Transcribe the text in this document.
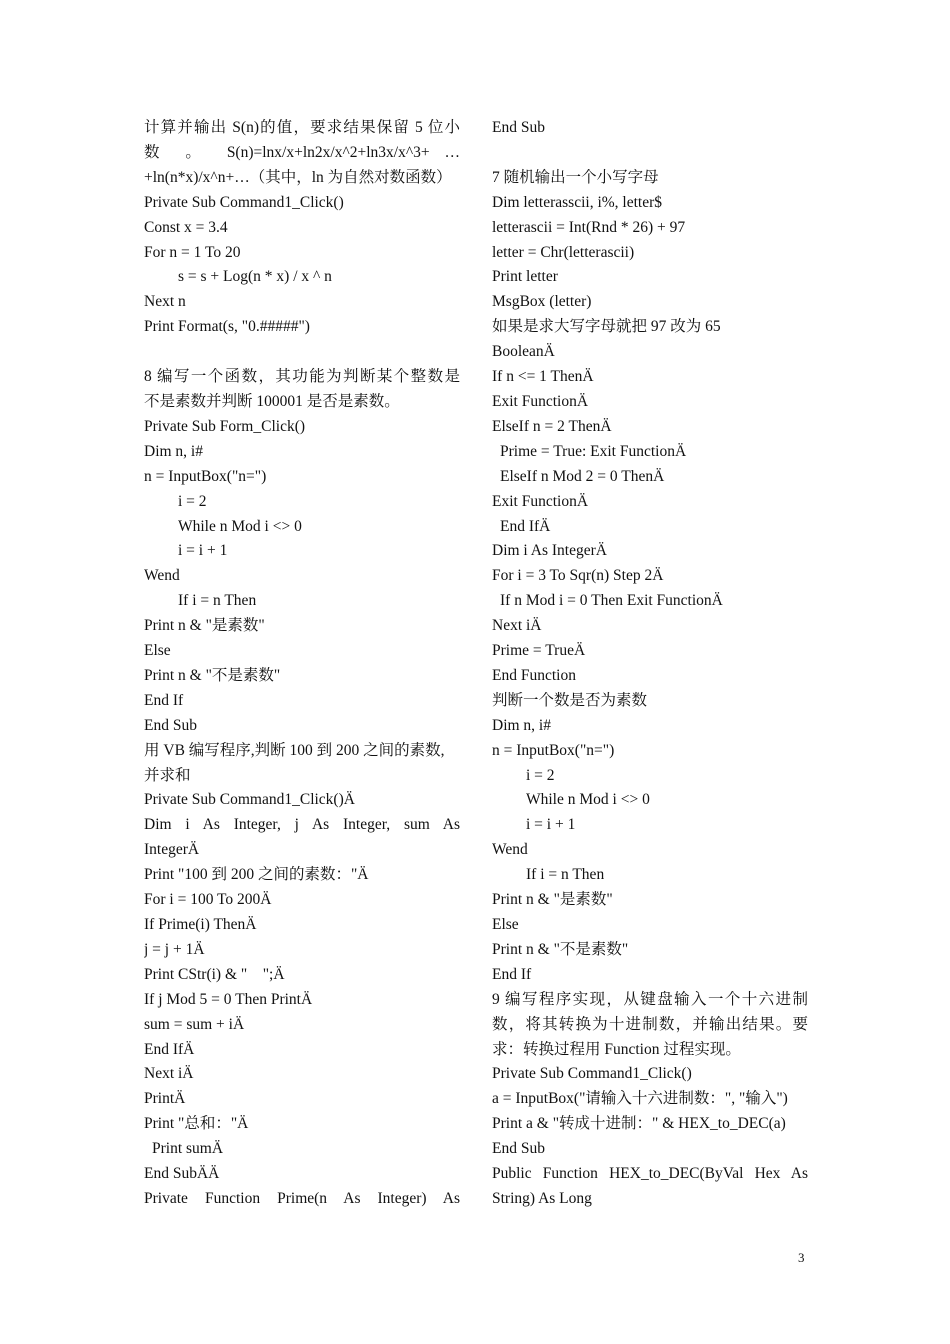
计算并输出 S(n)的值，要求结果保留 5 位小
数 。 S(n)=lnx/x+ln2x/x^2+ln3x/x^3+ …
+ln(n*x)/x^n+…（其中，ln 为自然对数函数）
Private Sub Command1_Click()
Const x = 3.4
For n = 1 To 20
s = s + Log(n * x) / x ^ n
Next n
Print Format(s, "0.#####")
8 编写一个函数，其功能为判断某个整数是
不是素数并判断 100001 是否是素数。
Private Sub Form_Click()
Dim n, i#
n = InputBox("n=")
i = 2
While n Mod i <> 0
i = i + 1
Wend
If i = n Then
Print n & "是素数"
Else
Print n & "不是素数"
End If
End Sub
用 VB 编写程序,判断 100 到 200 之间的素数,
并求和
Private Sub Command1_Click()Ä
Dim i As Integer, j As Integer, sum As
IntegerÄ
Print "100 到 200 之间的素数："Ä
For i = 100 To 200Ä
If Prime(i) ThenÄ
j = j + 1Ä
Print CStr(i) & "    ";Ä
If j Mod 5 = 0 Then PrintÄ
sum = sum + iÄ
End IfÄ
Next iÄ
PrintÄ
Print "总和："Ä
Print sumÄ
End SubÄÄ
Private Function Prime(n As Integer) As
End Sub
7 随机输出一个小写字母
Dim letterasscii, i%, letter$
letterascii = Int(Rnd * 26) + 97
letter = Chr(letterascii)
Print letter
MsgBox (letter)
如果是求大写字母就把 97 改为 65
BooleanÄ
If n <= 1 ThenÄ
Exit FunctionÄ
ElseIf n = 2 ThenÄ
Prime = True: Exit FunctionÄ
ElseIf n Mod 2 = 0 ThenÄ
Exit FunctionÄ
End IfÄ
Dim i As IntegerÄ
For i = 3 To Sqr(n) Step 2Ä
If n Mod i = 0 Then Exit FunctionÄ
Next iÄ
Prime = TrueÄ
End Function
判断一个数是否为素数
Dim n, i#
n = InputBox("n=")
i = 2
While n Mod i <> 0
i = i + 1
Wend
If i = n Then
Print n & "是素数"
Else
Print n & "不是素数"
End If
9 编写程序实现，从键盘输入一个十六进制
数，将其转换为十进制数，并输出结果。要
求：转换过程用 Function 过程实现。
Private Sub Command1_Click()
a = InputBox("请输入十六进制数：", "输入")
Print a & "转成十进制：" & HEX_to_DEC(a)
End Sub
Public Function HEX_to_DEC(ByVal Hex As
String) As Long
3
